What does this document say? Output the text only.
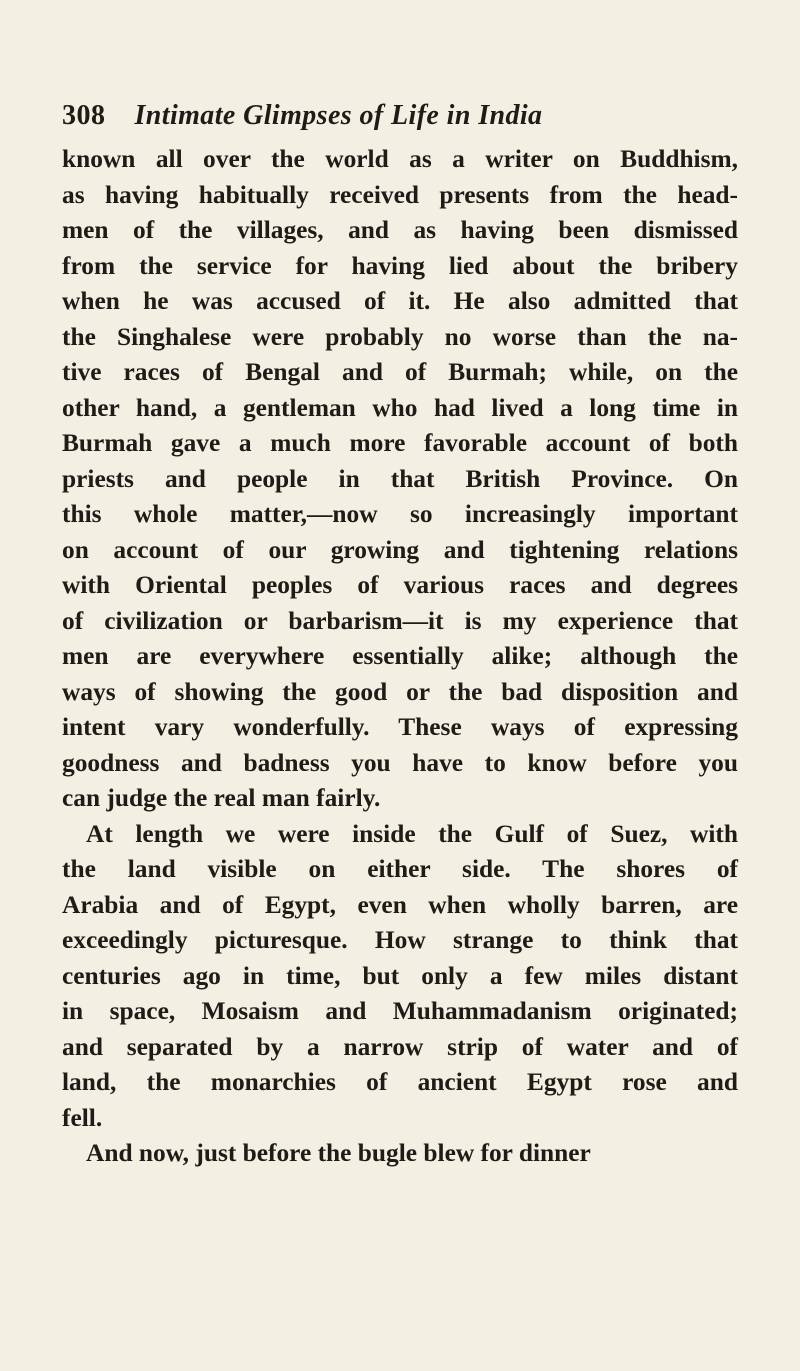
308 Intimate Glimpses of Life in India
known all over the world as a writer on Buddhism,
as having habitually received presents from the head-
men of the villages, and as having been dismissed
from the service for having lied about the bribery
when he was accused of it. He also admitted that
the Singhalese were probably no worse than the na-
tive races of Bengal and of Burmah; while, on the
other hand, a gentleman who had lived a long time in
Burmah gave a much more favorable account of both
priests and people in that British Province. On
this whole matter,—now so increasingly important
on account of our growing and tightening relations
with Oriental peoples of various races and degrees
of civilization or barbarism—it is my experience that
men are everywhere essentially alike; although the
ways of showing the good or the bad disposition and
intent vary wonderfully. These ways of expressing
goodness and badness you have to know before you
can judge the real man fairly.
At length we were inside the Gulf of Suez, with
the land visible on either side. The shores of
Arabia and of Egypt, even when wholly barren, are
exceedingly picturesque. How strange to think that
centuries ago in time, but only a few miles distant
in space, Mosaism and Muhammadanism originated;
and separated by a narrow strip of water and of
land, the monarchies of ancient Egypt rose and
fell.
And now, just before the bugle blew for dinner
